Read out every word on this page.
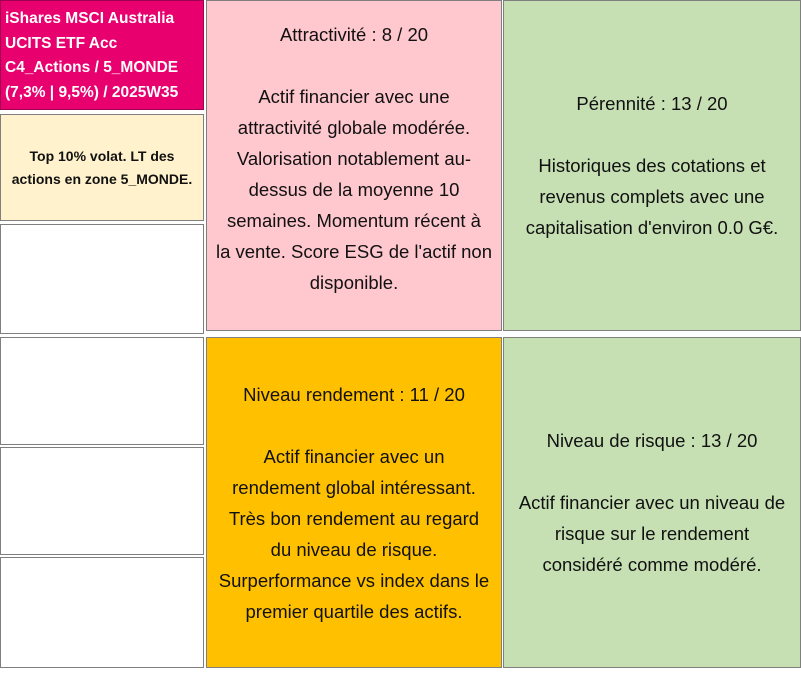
iShares MSCI Australia
UCITS ETF Acc
C4_Actions / 5_MONDE
(7,3% | 9,5%) / 2025W35
Top 10% volat. LT des actions en zone 5_MONDE.
Attractivité : 8 / 20
Actif financier avec une
attractivité globale modérée.
Valorisation notablement au-
dessus de la moyenne 10
semaines. Momentum récent à
la vente. Score ESG de l'actif non
disponible.
Pérennité : 13 / 20
Historiques des cotations et
revenus complets avec une
capitalisation d'environ 0.0 G€.
Niveau rendement : 11 / 20
Actif financier avec un
rendement global intéressant.
Très bon rendement au regard
du niveau de risque.
Surperformance vs index dans le
premier quartile des actifs.
Niveau de risque : 13 / 20
Actif financier avec un niveau de
risque sur le rendement
considéré comme modéré.
